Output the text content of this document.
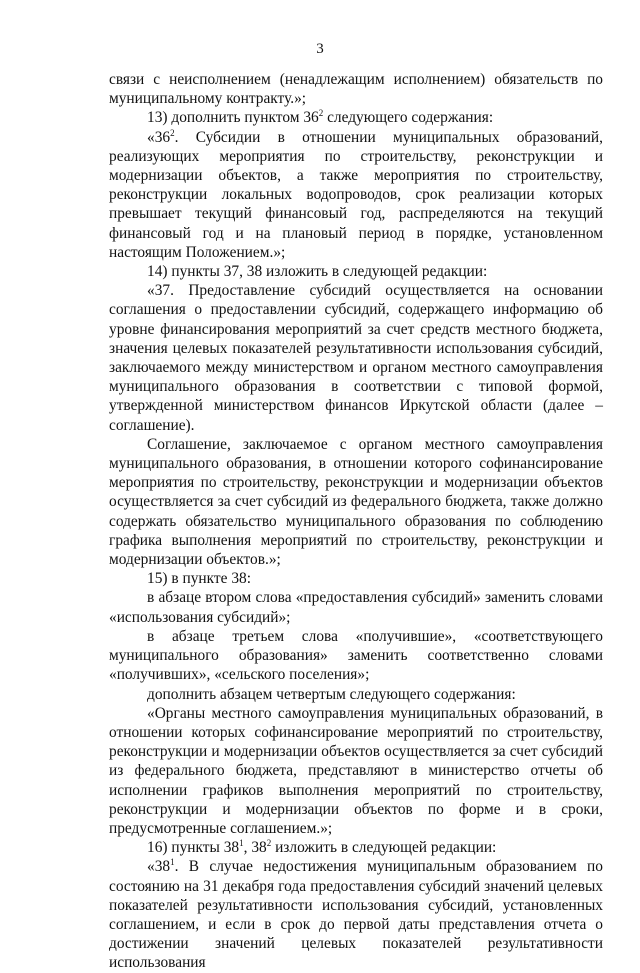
3

связи с неисполнением (ненадлежащим исполнением) обязательств по муниципальному контракту.»;

13) дополнить пунктом $36^2$ следующего содержания:

«$36^2$. Субсидии в отношении муниципальных образований, реализующих мероприятия по строительству, реконструкции и модернизации объектов, а также мероприятия по строительству, реконструкции локальных водопроводов, срок реализации которых превышает текущий финансовый год, распределяются на текущий финансовый год и на плановый период в порядке, установленном настоящим Положением.»;

14) пункты 37, 38 изложить в следующей редакции:

«37. Предоставление субсидий осуществляется на основании соглашения о предоставлении субсидий, содержащего информацию об уровне финансирования мероприятий за счет средств местного бюджета, значения целевых показателей результативности использования субсидий, заключаемого между министерством и органом местного самоуправления муниципального образования в соответствии с типовой формой, утвержденной министерством финансов Иркутской области (далее – соглашение).

Соглашение, заключаемое с органом местного самоуправления муниципального образования, в отношении которого софинансирование мероприятия по строительству, реконструкции и модернизации объектов осуществляется за счет субсидий из федерального бюджета, также должно содержать обязательство муниципального образования по соблюдению графика выполнения мероприятий по строительству, реконструкции и модернизации объектов.»;

15) в пункте 38:

в абзаце втором слова «предоставления субсидий» заменить словами «использования субсидий»;

в абзаце третьем слова «получившие», «соответствующего муниципального образования» заменить соответственно словами «получивших», «сельского поселения»;

дополнить абзацем четвертым следующего содержания:

«Органы местного самоуправления муниципальных образований, в отношении которых софинансирование мероприятий по строительству, реконструкции и модернизации объектов осуществляется за счет субсидий из федерального бюджета, представляют в министерство отчеты об исполнении графиков выполнения мероприятий по строительству, реконструкции и модернизации объектов по форме и в сроки, предусмотренные соглашением.»;

16) пункты $38^1$, $38^2$ изложить в следующей редакции:

«$38^1$. В случае недостижения муниципальным образованием по состоянию на 31 декабря года предоставления субсидий значений целевых показателей результативности использования субсидий, установленных соглашением, и если в срок до первой даты представления отчета о достижении значений целевых показателей результативности использования
